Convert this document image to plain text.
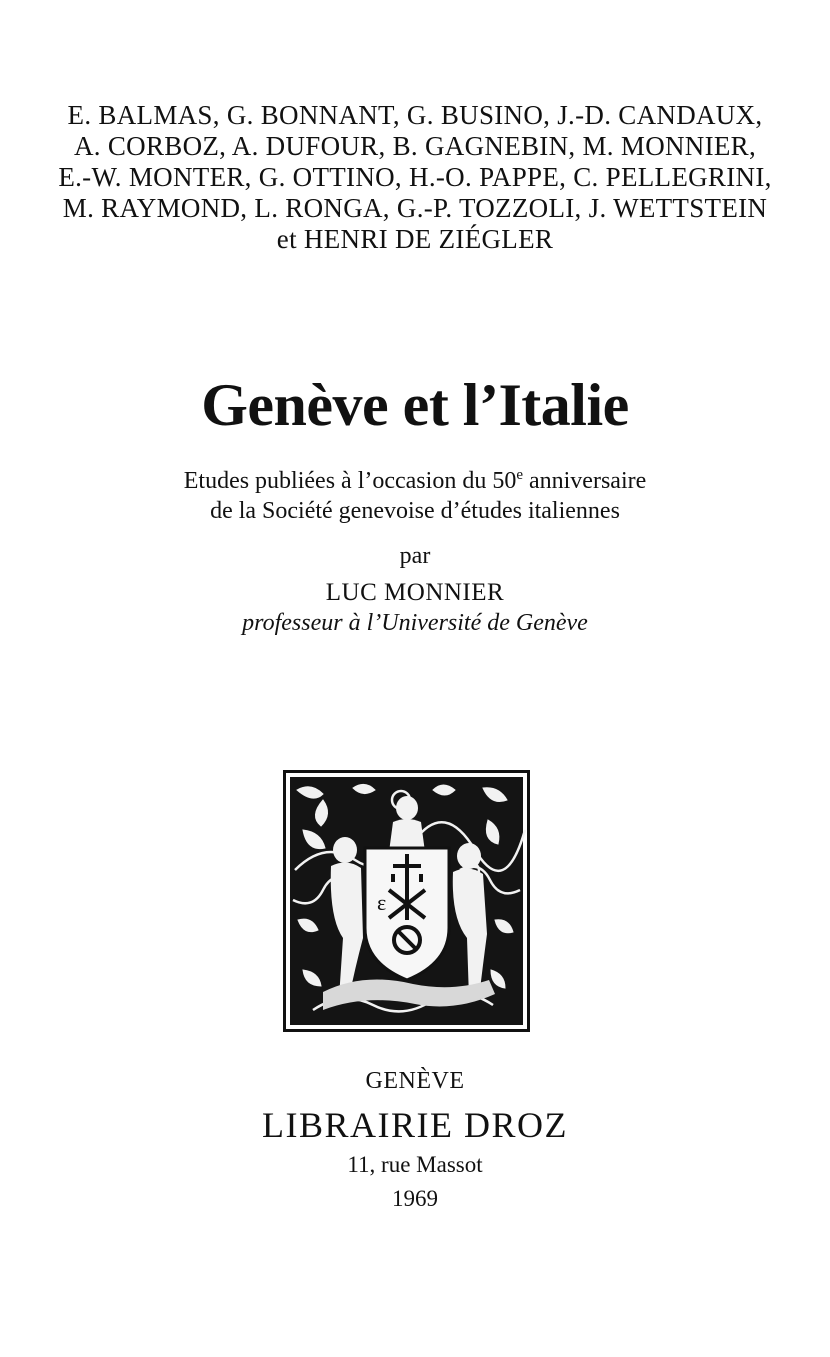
E. BALMAS, G. BONNANT, G. BUSINO, J.-D. CANDAUX,
A. CORBOZ, A. DUFOUR, B. GAGNEBIN, M. MONNIER,
E.-W. MONTER, G. OTTINO, H.-O. PAPPE, C. PELLEGRINI,
M. RAYMOND, L. RONGA, G.-P. TOZZOLI, J. WETTSTEIN
et HENRI DE ZIÉGLER
Genève et l’Italie
Etudes publiées à l’occasion du 50e anniversaire
de la Société genevoise d’études italiennes
par
LUC MONNIER
professeur à l’Université de Genève
ε
GENÈVE
LIBRAIRIE DROZ
11, rue Massot
1969
